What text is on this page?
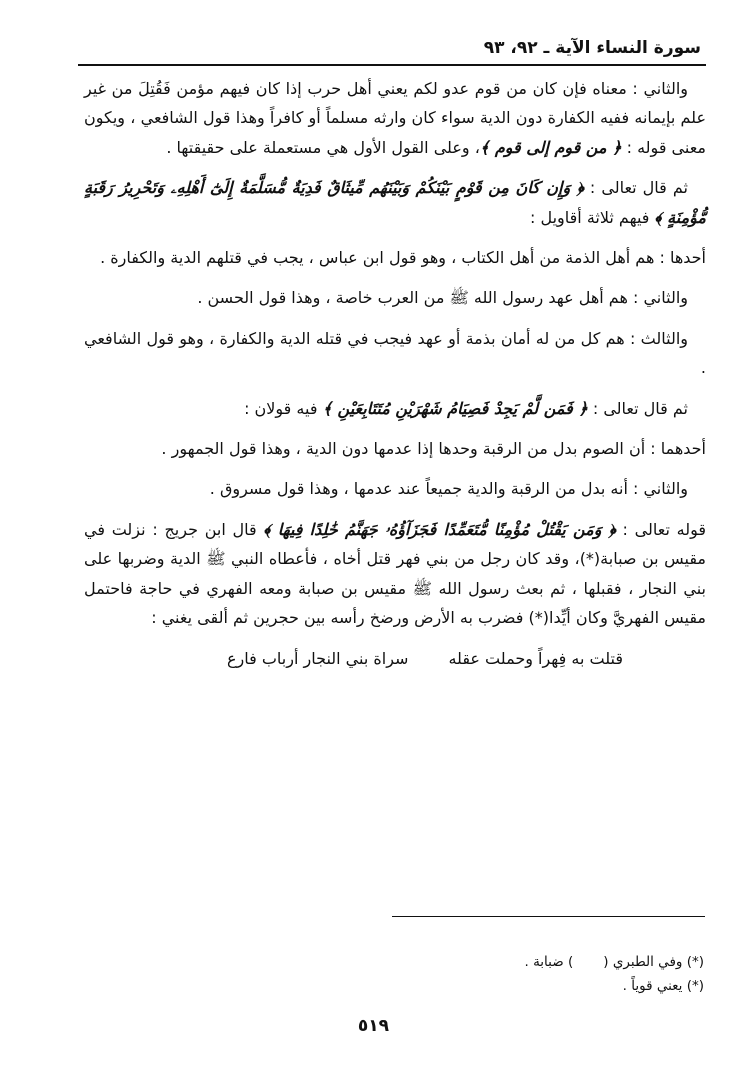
سورة النساء الآية ـ ٩٢، ٩٣

والثاني : معناه فإن كان من قوم عدو لكم يعني أهل حرب إذا كان فيهم مؤمن فَقُتِلَ من غير علم بإيمانه ففيه الكفارة دون الدية سواء كان وارثه مسلماً أو كافراً وهذا قول الشافعي ، ويكون معنى قوله : ﴿ من قوم إلى قوم ﴾، وعلى القول الأول هي مستعملة على حقيقتها .

ثم قال تعالى : ﴿ وَإِن كَانَ مِن قَوْمٍ بَيْنَكُمْ وَبَيْنَهُم مِّيثَاقٌ فَدِيَةٌ مُّسَلَّمَةٌ إِلَىٰٓ أَهْلِهِۦ وَتَحْرِيرُ رَقَبَةٍ مُّؤْمِنَةٍ ﴾ فيهم ثلاثة أقاويل :

أحدها : هم أهل الذمة من أهل الكتاب ، وهو قول ابن عباس ، يجب في قتلهم الدية والكفارة .

والثاني : هم أهل عهد رسول الله ﷺ من العرب خاصة ، وهذا قول الحسن .

والثالث : هم كل من له أمان بذمة أو عهد فيجب في قتله الدية والكفارة ، وهو قول الشافعي .

ثم قال تعالى : ﴿ فَمَن لَّمْ يَجِدْ فَصِيَامُ شَهْرَيْنِ مُتَتَابِعَيْنِ ﴾ فيه قولان :

أحدهما : أن الصوم بدل من الرقبة وحدها إذا عدمها دون الدية ، وهذا قول الجمهور .

والثاني : أنه بدل من الرقبة والدية جميعاً عند عدمها ، وهذا قول مسروق .

قوله تعالى : ﴿ وَمَن يَقْتُلْ مُؤْمِنًا مُّتَعَمِّدًا فَجَزَآؤُهُۥ جَهَنَّمُ خَٰلِدًا فِيهَا ﴾ قال ابن جريج : نزلت في مقيس بن صبابة(*)، وقد كان رجل من بني فهر قتل أخاه ، فأعطاه النبي ﷺ الدية وضربها على بني النجار ، فقبلها ، ثم بعث رسول الله ﷺ مقيس بن صبابة ومعه الفهري في حاجة فاحتمل مقيس الفهريَّ وكان أيِّدا(*) فضرب به الأرض ورضخ رأسه بين حجرين ثم ألقى يغني :

قتلت به فِهراً وحملت عقلهسراة بني النجار أرباب فارع
(*) وفي الطبري (       ) ضبابة .
(*) يعني قوياً .
٥١٩
